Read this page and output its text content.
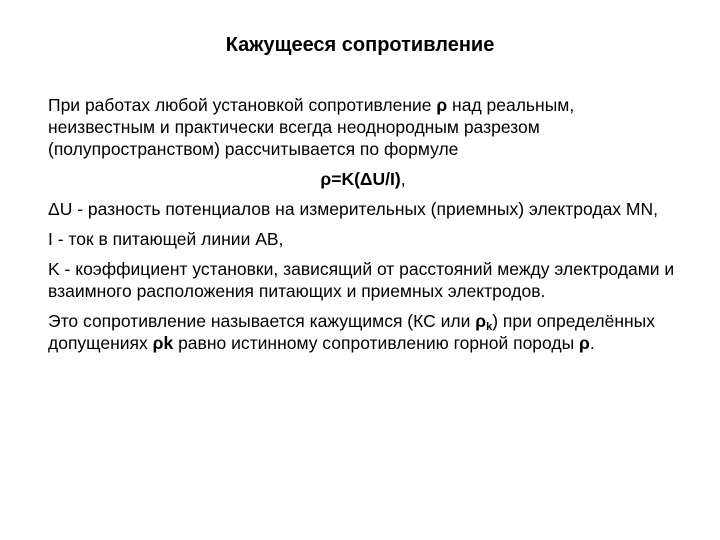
Кажущееся сопротивление

При работах любой установкой сопротивление ρ над реальным, неизвестным и практически всегда неоднородным разрезом (полупространством) рассчитывается по формуле

ρ=K(ΔU/I),

ΔU - разность потенциалов на измерительных (приемных) электродах MN,

I - ток в питающей линии АВ,

K - коэффициент установки, зависящий от расстояний между электродами и взаимного расположения питающих и приемных электродов.

Это сопротивление называется кажущимся (КС или $\rho_k$) при определённых допущениях ρk равно истинному сопротивлению горной породы ρ.
